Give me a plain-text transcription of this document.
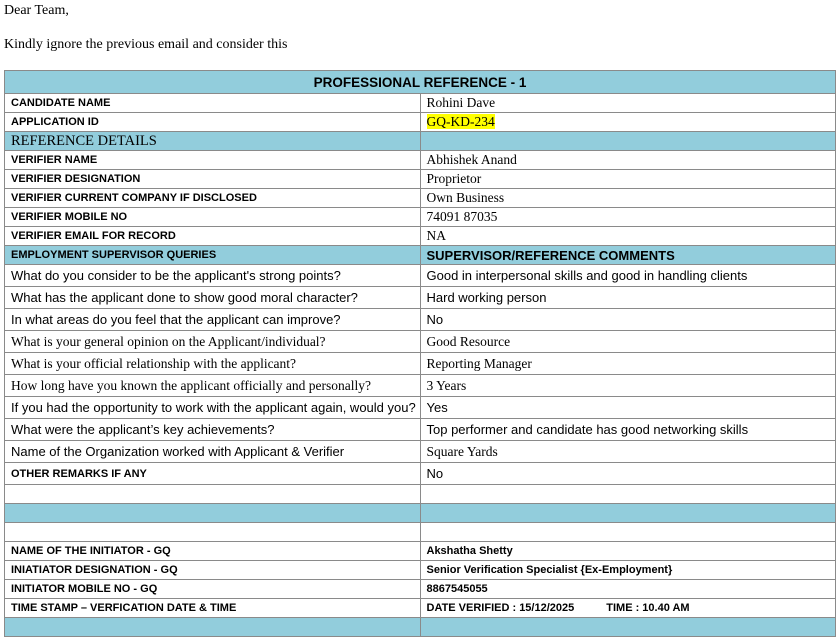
Dear Team,
Kindly ignore the previous email and consider this
PROFESSIONAL REFERENCE - 1	
CANDIDATE NAME	Rohini Dave
APPLICATION ID	GQ-KD-234
REFERENCE DETAILS	
VERIFIER NAME	Abhishek Anand
VERIFIER DESIGNATION	Proprietor
VERIFIER CURRENT COMPANY IF DISCLOSED	Own Business
VERIFIER MOBILE NO	74091 87035
VERIFIER EMAIL FOR RECORD	NA
EMPLOYMENT SUPERVISOR QUERIES	SUPERVISOR/REFERENCE COMMENTS
What do you consider to be the applicant's strong points?	Good in interpersonal skills and good in handling clients
What has the applicant done to show good moral character?	Hard working person
In what areas do you feel that the applicant can improve?	No
What is your general opinion on the Applicant/individual?	Good Resource
What is your official relationship with the applicant?	Reporting Manager
How long have you known the applicant officially and personally?	3 Years
If you had the opportunity to work with the applicant again, would you?	Yes
What were the applicant’s key achievements?	Top performer and candidate has good networking skills
Name of the Organization worked with Applicant & Verifier	Square Yards
OTHER REMARKS IF ANY	No

NAME OF THE INITIATOR - GQ	Akshatha Shetty
INIATIATOR DESIGNATION - GQ	Senior Verification Specialist {Ex-Employment}
INITIATOR MOBILE NO - GQ	8867545055
TIME STAMP – VERFICATION DATE & TIME	DATE VERIFIED : 15/12/2025 TIME : 10.40 AM
